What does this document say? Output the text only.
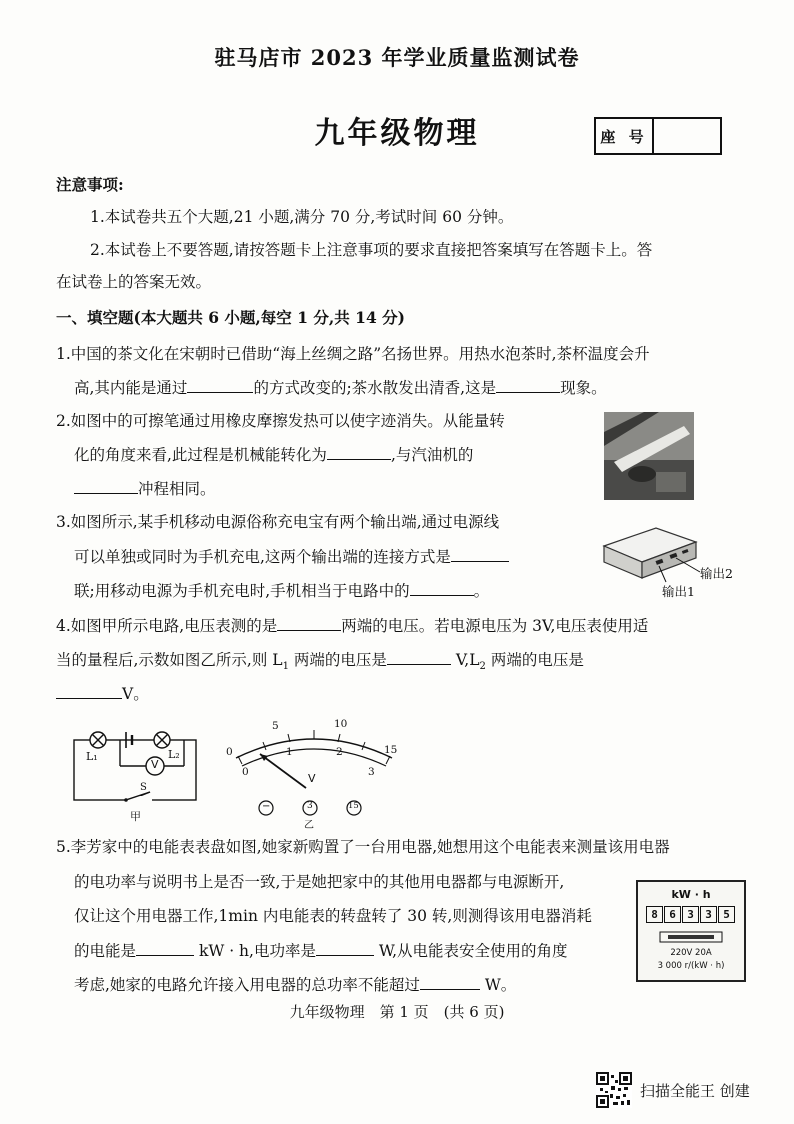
驻马店市 2023 年学业质量监测试卷
九年级物理	座 号
注意事项:
1.本试卷共五个大题,21 小题,满分 70 分,考试时间 60 分钟。
2.本试卷上不要答题,请按答题卡上注意事项的要求直接把答案填写在答题卡上。答
在试卷上的答案无效。
一、填空题(本大题共 6 小题,每空 1 分,共 14 分)
1.中国的茶文化在宋朝时已借助“海上丝绸之路”名扬世界。用热水泡茶时,茶杯温度会升
高,其内能是通过	的方式改变的;茶水散发出清香,这是	现象。
2.如图中的可擦笔通过用橡皮摩擦发热可以使字迹消失。从能量转
化的角度来看,此过程是机械能转化为	,与汽油机的
冲程相同。
3.如图所示,某手机移动电源俗称充电宝有两个输出端,通过电源线
可以单独或同时为手机充电,这两个输出端的连接方式是
联;用移动电源为手机充电时,手机相当于电路中的	。
输出2
输出1
4.如图甲所示电路,电压表测的是	两端的电压。若电源电压为 3V,电压表使用适
当的量程后,示数如图乙所示,则 $L_1$ 两端的电压是	$V,L_2$ 两端的电压是
V。
V
L₁	L₂
S
甲
0
5	10
15
0
1	2
3
V
−	3	15
乙
5.李芳家中的电能表表盘如图,她家新购置了一台用电器,她想用这个电能表来测量该用电器
的电功率与说明书上是否一致,于是她把家中的其他用电器都与电源断开,
仅让这个用电器工作,1min 内电能表的转盘转了 30 转,则测得该用电器消耗
的电能是	kW · h,电功率是	W,从电能表安全使用的角度
考虑,她家的电路允许接入用电器的总功率不能超过	W。
kW · h
8	6	3	3	5
220V 20A
3 000 r/(kW · h)
九年级物理　第 1 页　(共 6 页)
扫描全能王 创建
